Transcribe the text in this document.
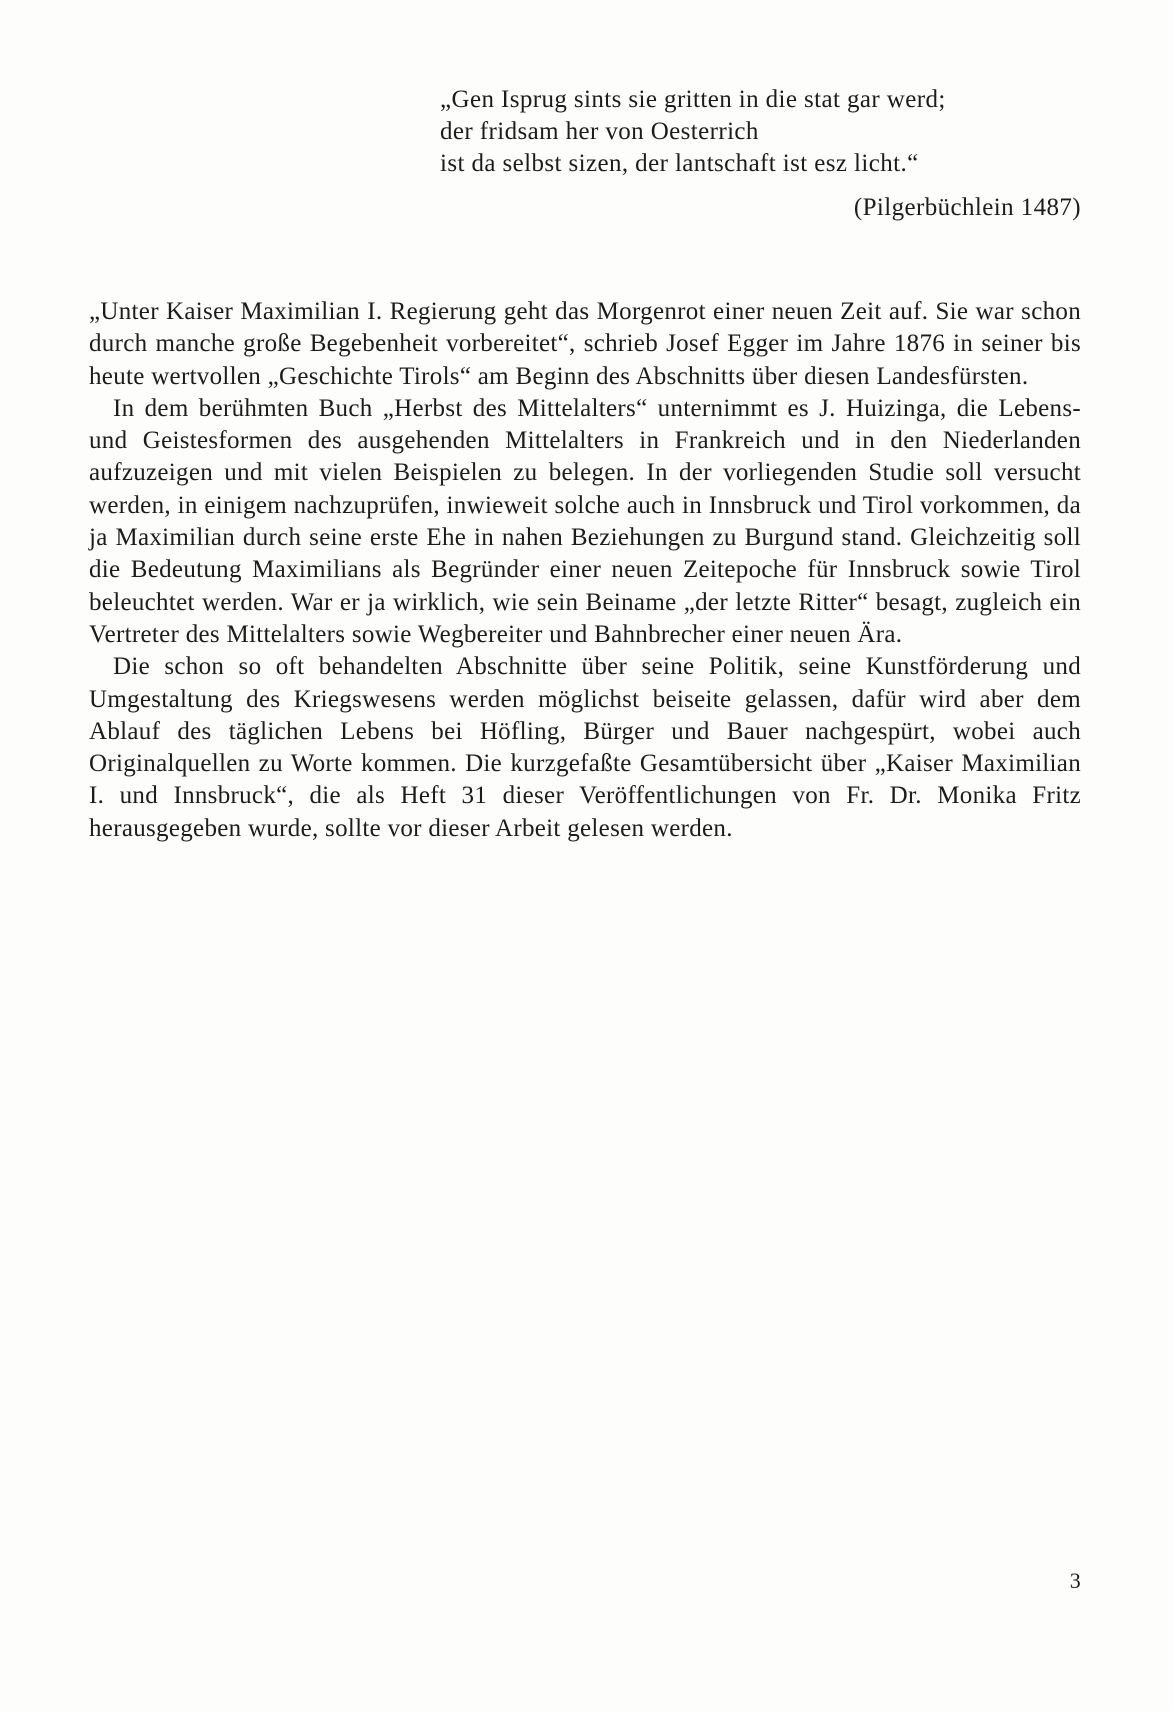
„Gen Isprug sints sie gritten in die stat gar werd;
der fridsam her von Oesterrich
ist da selbst sizen, der lantschaft ist esz licht.“
(Pilgerbüchlein 1487)

„Unter Kaiser Maximilian I. Regierung geht das Morgenrot einer neuen Zeit auf. Sie war schon durch manche große Begebenheit vorbereitet“, schrieb Josef Egger im Jahre 1876 in seiner bis heute wertvollen „Geschichte Tirols“ am Beginn des Abschnitts über diesen Landesfürsten.

In dem berühmten Buch „Herbst des Mittelalters“ unternimmt es J. Huizinga, die Lebens- und Geistesformen des ausgehenden Mittelalters in Frankreich und in den Niederlanden aufzuzeigen und mit vielen Beispielen zu belegen. In der vorliegenden Studie soll versucht werden, in einigem nachzuprüfen, inwieweit solche auch in Innsbruck und Tirol vorkommen, da ja Maximilian durch seine erste Ehe in nahen Beziehungen zu Burgund stand. Gleichzeitig soll die Bedeutung Maximilians als Begründer einer neuen Zeitepoche für Innsbruck sowie Tirol beleuchtet werden. War er ja wirklich, wie sein Beiname „der letzte Ritter“ besagt, zugleich ein Vertreter des Mittelalters sowie Wegbereiter und Bahnbrecher einer neuen Ära.

Die schon so oft behandelten Abschnitte über seine Politik, seine Kunstförderung und Umgestaltung des Kriegswesens werden möglichst beiseite gelassen, dafür wird aber dem Ablauf des täglichen Lebens bei Höfling, Bürger und Bauer nachgespürt, wobei auch Originalquellen zu Worte kommen. Die kurzgefaßte Gesamtübersicht über „Kaiser Maximilian I. und Innsbruck“, die als Heft 31 dieser Veröffentlichungen von Fr. Dr. Monika Fritz herausgegeben wurde, sollte vor dieser Arbeit gelesen werden.

3
